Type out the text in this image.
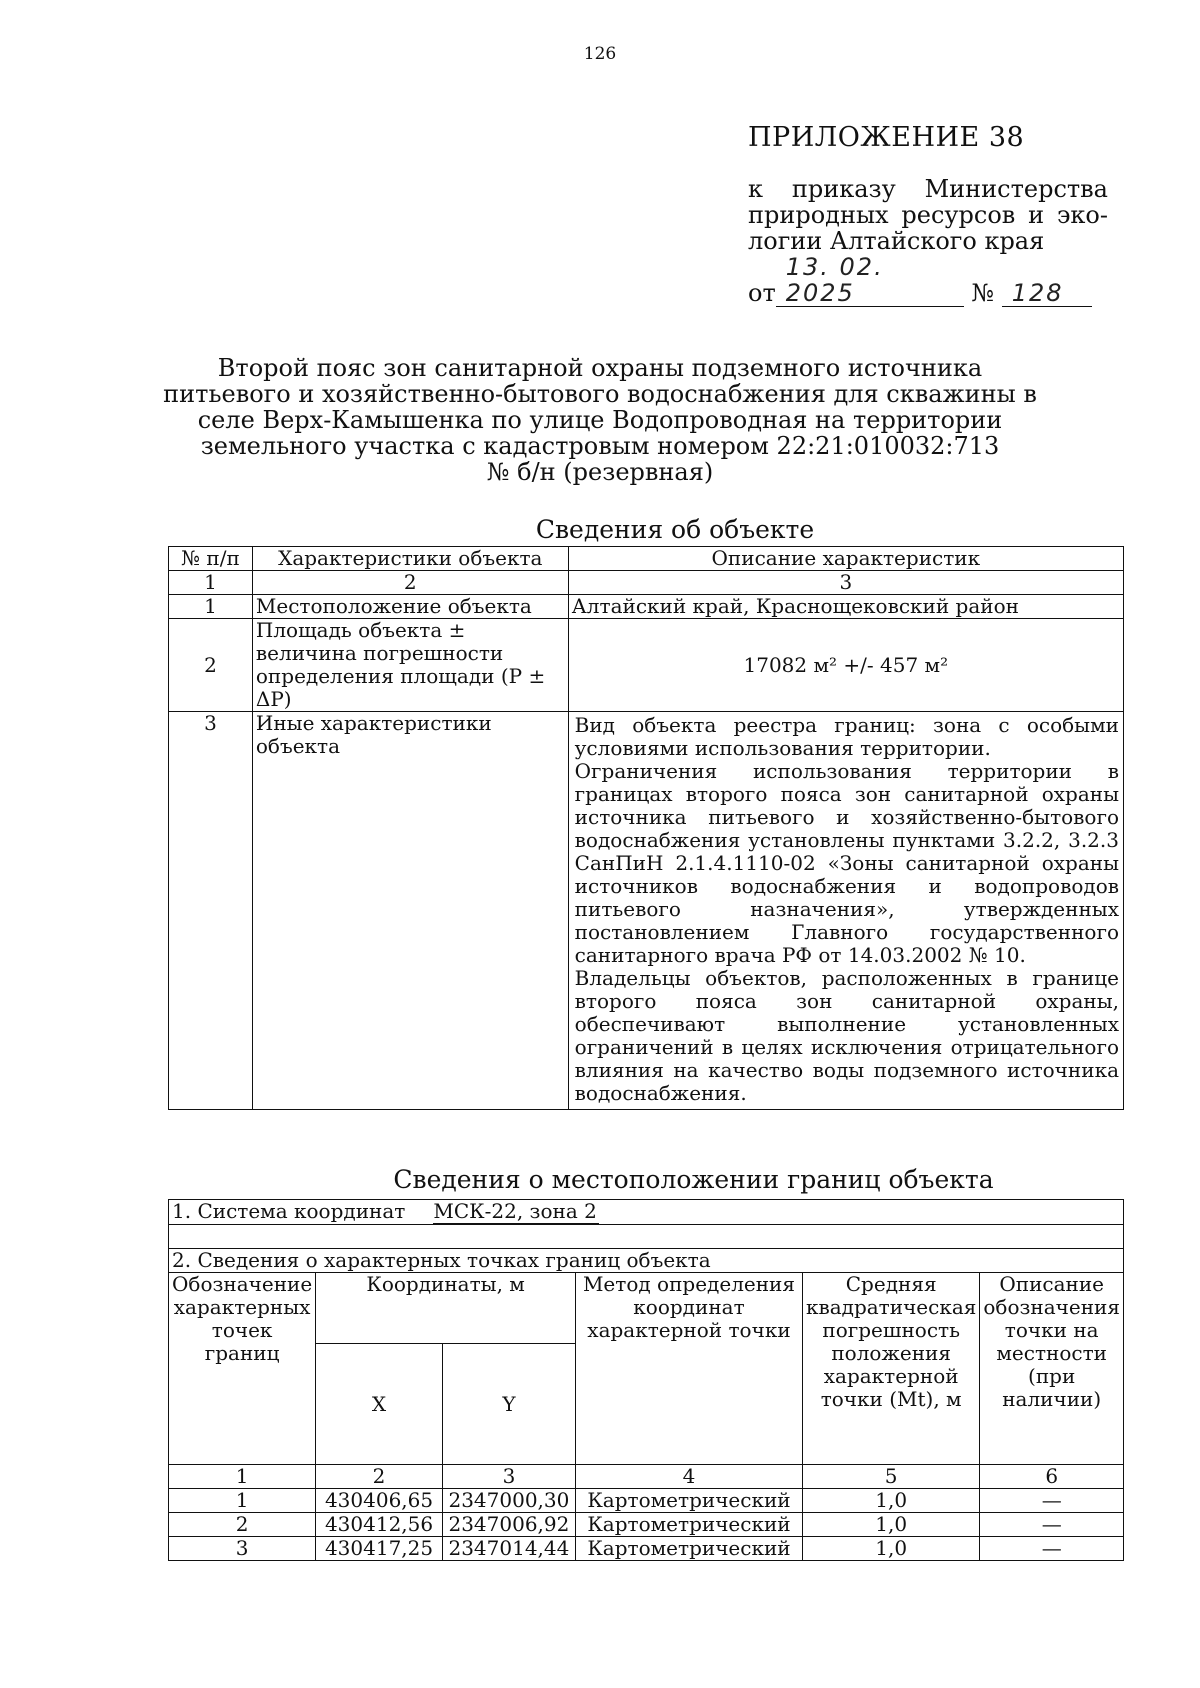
126
ПРИЛОЖЕНИЕ 38
к приказу Министерства
природных ресурсов и эко-
логии Алтайского края
от13. 02. 2025	№ 128
Второй пояс зон санитарной охраны подземного источника
питьевого и хозяйственно-бытового водоснабжения для скважины в
селе Верх-Камышенка по улице Водопроводная на территории
земельного участка с кадастровым номером 22:21:010032:713
№ б/н (резервная)
Сведения об объекте
№ п/п	Характеристики объекта	Описание характеристик
1	2	3
1	Местоположение объекта	Алтайский край, Краснощековский район
2	Площадь объекта ± величина погрешности определения площади (P ± ΔP)	17082 м² +/- 457 м²
3	Иные характеристики объекта	Вид объекта реестра границ: зона с особыми условиями использования территории.
Ограничения использования территории в границах второго пояса зон санитарной охраны источника питьевого и хозяйственно-бытового водоснабжения установлены пунктами 3.2.2, 3.2.3 СанПиН 2.1.4.1110-02 «Зоны санитарной охраны источников водоснабжения и водопроводов питьевого назначения», утвержденных постановлением Главного государственного санитарного врача РФ от 14.03.2002 № 10.
Владельцы объектов, расположенных в границе второго пояса зон санитарной охраны, обеспечивают выполнение установленных ограничений в целях исключения отрицательного влияния на качество воды подземного источника водоснабжения.
Сведения о местоположении границ объекта
1. Система координат МСК-22, зона 2					

2. Сведения о характерных точках границ объекта					
Обозначение характерных точек границ	Координаты, м		Метод определения координат характерной точки	Средняя квадратическая погрешность положения характерной точки (Mt), м	Описание обозначения точки на местности (при наличии)
	X	Y			
1	2	3	4	5	6
1	430406,65	2347000,30	Картометрический	1,0	—
2	430412,56	2347006,92	Картометрический	1,0	—
3	430417,25	2347014,44	Картометрический	1,0	—
